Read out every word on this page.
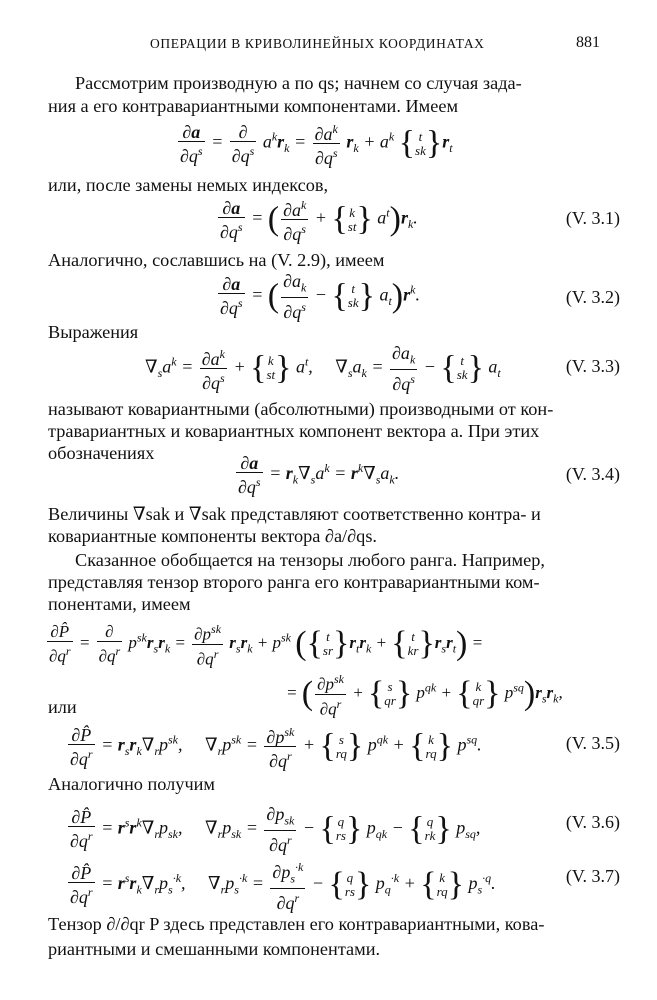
ОПЕРАЦИИ В КРИВОЛИНЕЙНЫХ КООРДИНАТАХ	881
Рассмотрим производную a по qs; начнем со случая зада-
ния a его контравариантными компонентами. Имеем
$\frac{\partial a}{\partial q^s} = \frac{\partial}{\partial q^s} a^kr_k = \frac{\partial a^k}{\partial q^s} r_k + a^k$ { t
$sk\}r_t$
или, после замены немых индексов,
$\frac{\partial a}{\partial q^s}$ = ( $\frac{\partial a^k}{\partial q^s} + \{k$
st} $a^t)r_k$.	(V. 3.1)
Аналогично, сославшись на (V. 2.9), имеем
$\frac{\partial a}{\partial q^s}$ = ( $\frac{\partial a_k}{\partial q^s}$ − { t
sk} $a_t)r^k$.	(V. 3.2)
Выражения
$\nabla_sa^k = \frac{\partial a^k}{\partial q^s} + \{k$
st} $a^t$,     $\nabla_sa_k = \frac{\partial a_k}{\partial q^s}$ − { t
sk} $a_t$	(V. 3.3)
называют ковариантными (абсолютными) производными от кон-
травариантных и ковариантных компонент вектора a. При этих
обозначениях
$\frac{\partial a}{\partial q^s} = r_k\nabla_sa^k = r^k\nabla_sa_k$.	(V. 3.4)
Величины ∇sak и ∇sak представляют соответственно контра- и
ковариантные компоненты вектора ∂a/∂qs.
Сказанное обобщается на тензоры любого ранга. Например,
представляя тензор второго ранга его контравариантными ком-
понентами, имеем
$\frac{\partial P̂}{\partial q^r} = \frac{\partial}{\partial q^r} p^{sk}r_sr_k = \frac{\partial p^{sk}}{\partial q^r} r_sr_k + p^{sk}$ ({ t
$sr\}r_tr_k$ + { t
$kr\}r_sr_t$) =
= ( $\frac{\partial p^{sk}}{\partial q^r}$ + { s
qr} $p^{qk}$ + { k
qr} $p^{sq})r_sr_k$,
или
$\frac{\partial P̂}{\partial q^r} = r_sr_k\nabla_rp^{sk}$,     $\nabla_rp^{sk} = \frac{\partial p^{sk}}{\partial q^r}$ + { s
rq} $p^{qk}$ + { k
rq} $p^{sq}$.	(V. 3.5)
Аналогично получим
$\frac{\partial P̂}{\partial q^r} = r^sr^k\nabla_rp_{sk}$,     $\nabla_rp_{sk} = \frac{\partial p_{sk}}{\partial q^r}$ − { q
rs} $p_{qk}$ − { q
rk} $p_{sq}$,	(V. 3.6)
$\frac{\partial P̂}{\partial q^r} = r^sr_k\nabla_rp_s^{\cdot k}$,     $\nabla_rp_s^{\cdot k} = \frac{\partial p_s^{\cdot k}}{\partial q^r}$ − { q
rs} $p_q^{\cdot k}$ + { k
rq} $p_s^{\cdot q}$.	(V. 3.7)
Тензор ∂/∂qr P здесь представлен его контравариантными, кова-
риантными и смешанными компонентами.
